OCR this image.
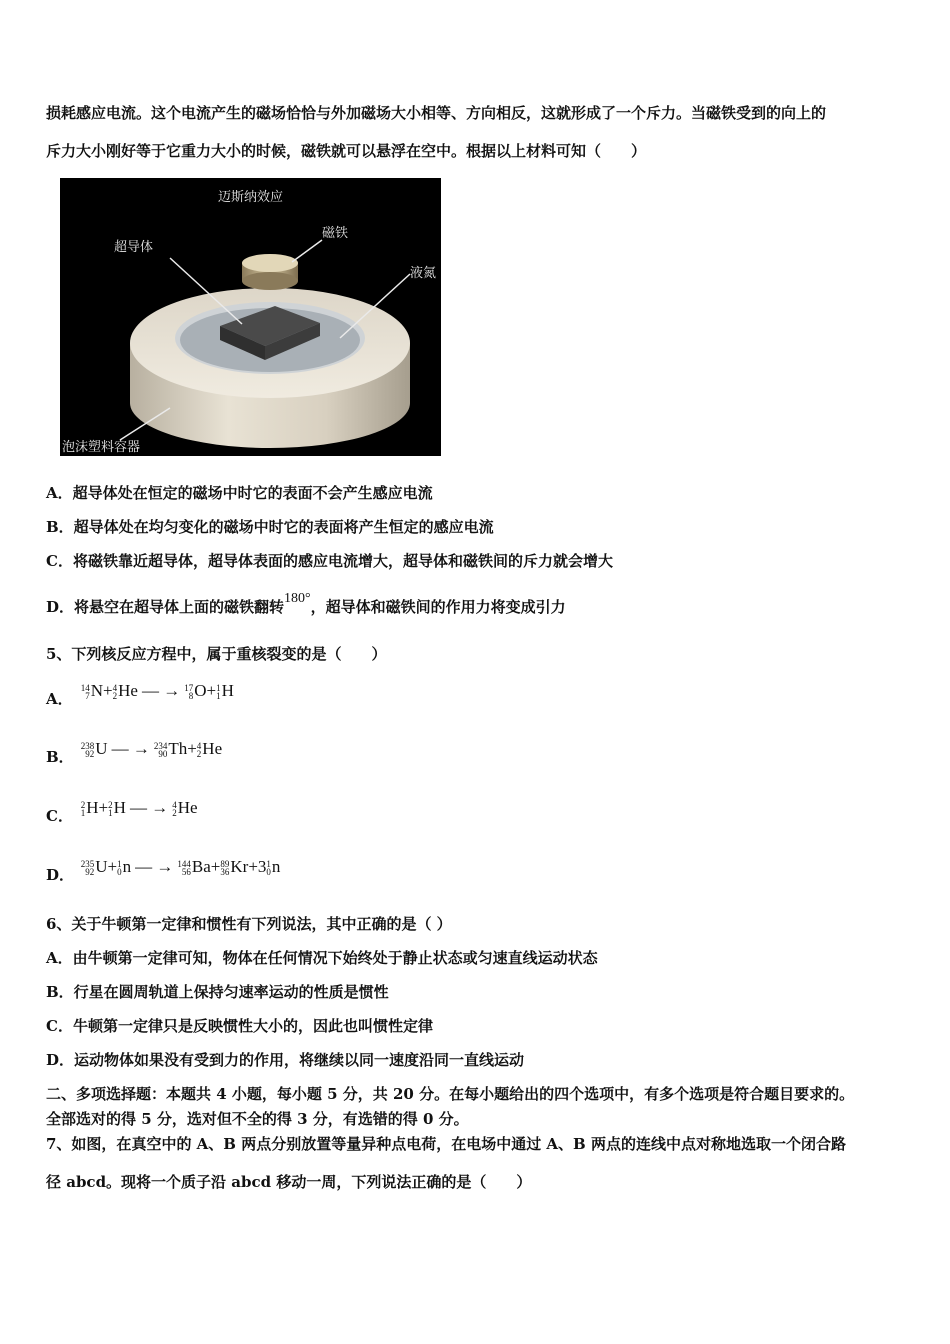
损耗感应电流。这个电流产生的磁场恰恰与外加磁场大小相等、方向相反，这就形成了一个斥力。当磁铁受到的向上的
斥力大小刚好等于它重力大小的时候，磁铁就可以悬浮在空中。根据以上材料可知（　　）
迈斯纳效应
超导体
磁铁
液氮
泡沫塑料容器
A．超导体处在恒定的磁场中时它的表面不会产生感应电流
B．超导体处在均匀变化的磁场中时它的表面将产生恒定的感应电流
C．将磁铁靠近超导体，超导体表面的感应电流增大，超导体和磁铁间的斥力就会增大
D．将悬空在超导体上面的磁铁翻转180°，超导体和磁铁间的作用力将变成引力
5、下列核反应方程中，属于重核裂变的是（　　）
A．
14
7 N+ 4
2 He — → 17
8 O+ 1
1 H
B．
238
92 U — → 234
90 Th+ 4
2 He
C．
2
1 H+ 2
1 H — → 4
2 He
D．
235
92 U+ 1
0 n — → 144
56 Ba+ 89
36 Kr+3 1
0 n
6、关于牛顿第一定律和惯性有下列说法，其中正确的是（ ）
A．由牛顿第一定律可知，物体在任何情况下始终处于静止状态或匀速直线运动状态
B．行星在圆周轨道上保持匀速率运动的性质是惯性
C．牛顿第一定律只是反映惯性大小的，因此也叫惯性定律
D．运动物体如果没有受到力的作用，将继续以同一速度沿同一直线运动
二、多项选择题：本题共 4 小题，每小题 5 分，共 20 分。在每小题给出的四个选项中，有多个选项是符合题目要求的。
全部选对的得 5 分，选对但不全的得 3 分，有选错的得 0 分。
7、如图，在真空中的 A、B 两点分别放置等量异种点电荷，在电场中通过 A、B 两点的连线中点对称地选取一个闭合路
径 abcd。现将一个质子沿 abcd 移动一周，下列说法正确的是（　　）
